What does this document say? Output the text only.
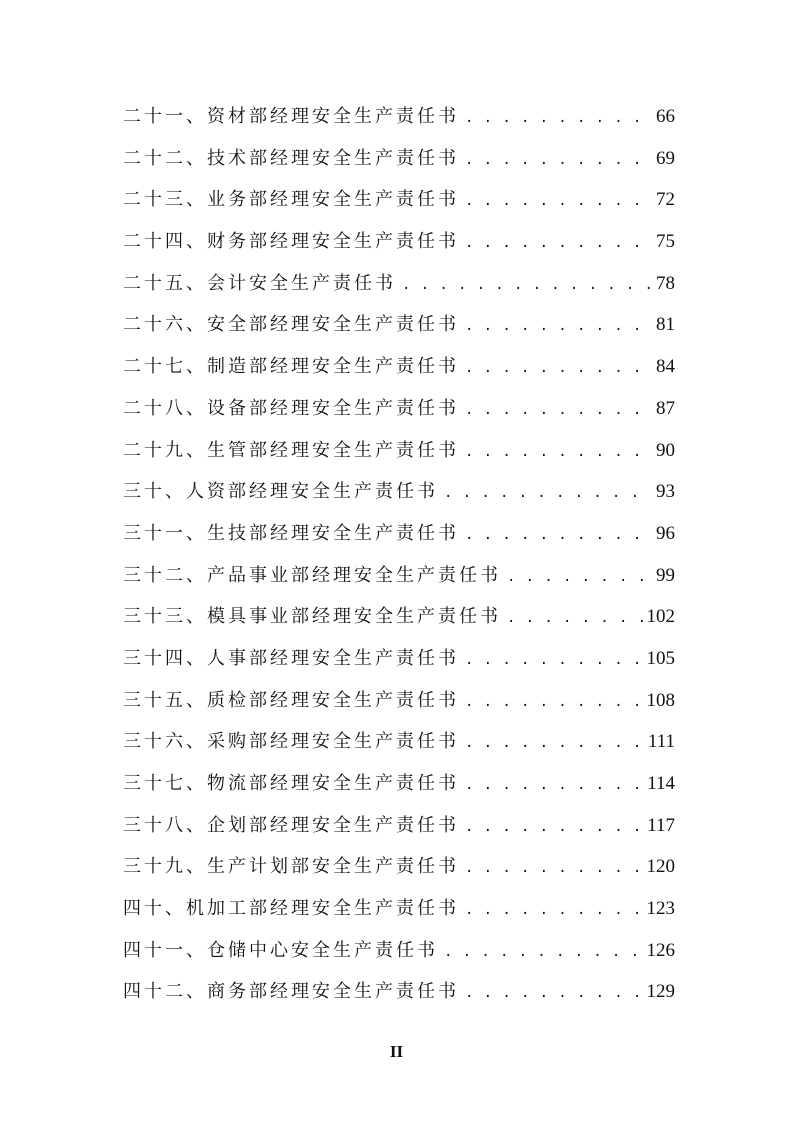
二十一、资材部经理安全生产责任书 . . .	66
二十二、技术部经理安全生产责任书 . . .	69
二十三、业务部经理安全生产责任书 . . .	72
二十四、财务部经理安全生产责任书 . . .	75
二十五、会计安全生产责任书 . . .	78
二十六、安全部经理安全生产责任书 . . .	81
二十七、制造部经理安全生产责任书 . . .	84
二十八、设备部经理安全生产责任书 . . .	87
二十九、生管部经理安全生产责任书 . . .	90
三十、人资部经理安全生产责任书 . . .	93
三十一、生技部经理安全生产责任书 . . .	96
三十二、产品事业部经理安全生产责任书 . . .	99
三十三、模具事业部经理安全生产责任书 . . .	102
三十四、人事部经理安全生产责任书 . . .	105
三十五、质检部经理安全生产责任书 . . .	108
三十六、采购部经理安全生产责任书 . . .	111
三十七、物流部经理安全生产责任书 . . .	114
三十八、企划部经理安全生产责任书 . . .	117
三十九、生产计划部安全生产责任书 . . .	120
四十、机加工部经理安全生产责任书 . . .	123
四十一、仓储中心安全生产责任书 . . .	126
四十二、商务部经理安全生产责任书 . . .	129
II
